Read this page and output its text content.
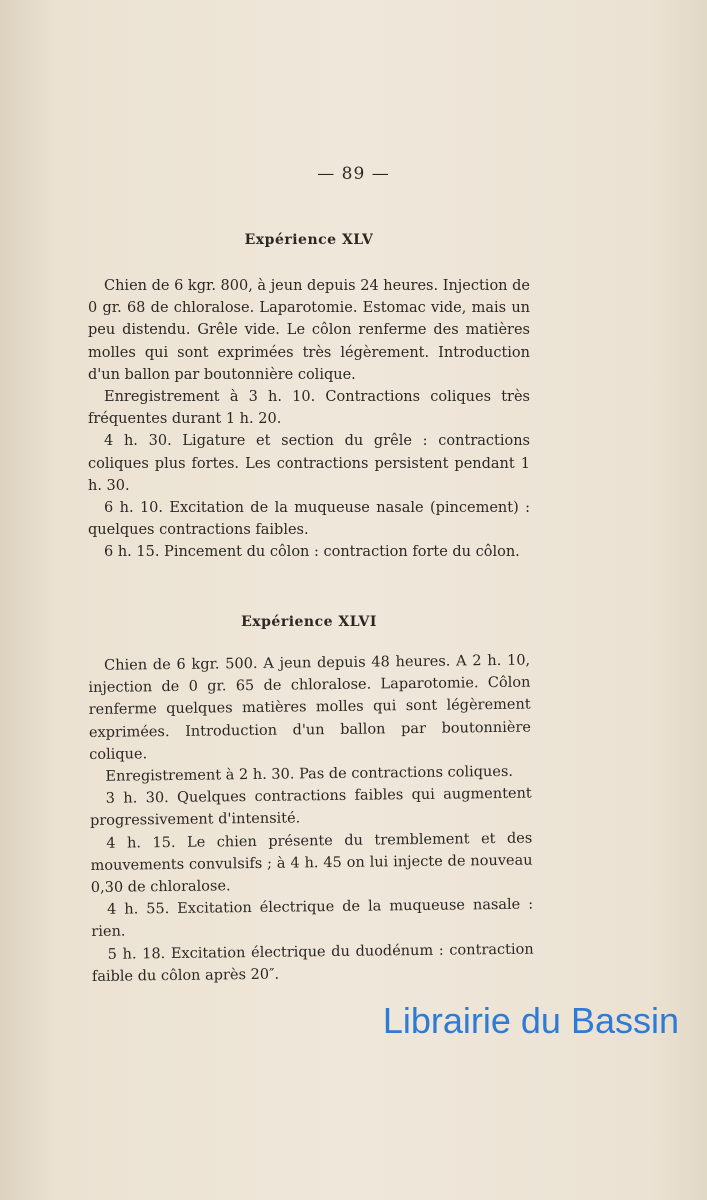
— 89 —
Expérience XLV

Chien de 6 kgr. 800, à jeun depuis 24 heures. Injection de 0 gr. 68 de chloralose. Laparotomie. Estomac vide, mais un peu distendu. Grêle vide. Le côlon renferme des matières molles qui sont exprimées très légèrement. Introduction d'un ballon par boutonnière colique.

Enregistrement à 3 h. 10. Contractions coliques très fréquentes durant 1 h. 20.

4 h. 30. Ligature et section du grêle : contractions coliques plus fortes. Les contractions persistent pendant 1 h. 30.

6 h. 10. Excitation de la muqueuse nasale (pincement) : quelques contractions faibles.

6 h. 15. Pincement du côlon : contraction forte du côlon.

Expérience XLVI

Chien de 6 kgr. 500. A jeun depuis 48 heures. A 2 h. 10, injection de 0 gr. 65 de chloralose. Laparotomie. Côlon renferme quelques matières molles qui sont légèrement exprimées. Introduction d'un ballon par boutonnière colique.

Enregistrement à 2 h. 30. Pas de contractions coliques.

3 h. 30. Quelques contractions faibles qui augmentent progressivement d'intensité.

4 h. 15. Le chien présente du tremblement et des mouvements convulsifs ; à 4 h. 45 on lui injecte de nouveau 0,30 de chloralose.

4 h. 55. Excitation électrique de la muqueuse nasale : rien.

5 h. 18. Excitation électrique du duodénum : contraction faible du côlon après 20″.

Librairie du Bassin
